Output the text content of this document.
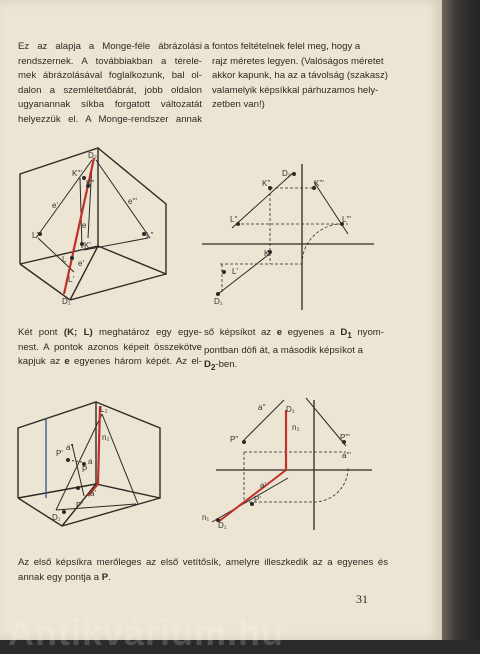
Ez az alapja a Monge-féle ábrázolási
rendszernek. A továbbiakban a térele-
mek ábrázolásával foglalkozunk, bal ol-
dalon a szemléltetőábrát, jobb oldalon
ugyanannak síkba forgatott változatát
helyezzük el. A Monge-rendszer annak
a fontos feltételnek felel meg, hogy a
rajz méretes legyen. (Valóságos méretet
akkor kapunk, ha az a távolság (szakasz)
valamelyik képsíkkal párhuzamos hely-
zetben van!)
D₂
K'''
K''
e'	e'''
e
L'''	L''
K'
L e'
L'
D₁
D₂
K''	K'''
L''	L'''
K'
L'
D₁
Két pont (K; L) meghatároz egy egye-
nest. A pontok azonos képeit összekötve
kapjuk az e egyenes három képét. Az el-
ső képsíkot az e egyenes a $D_1$ nyom-
pontban döfi át, a második képsíkot a
$D_2$-ben.
L₂
P'
a''
n₂
P
a
a'
P'
D₁
a''	D₂
n₂
P''	P'''
a'''
a'
P'
n₁
D₁
Az első képsíkra merőleges az első vetítősík, amelyre illeszkedik az a egyenes és
annak egy pontja a P.
31
Antikvárium.hu
